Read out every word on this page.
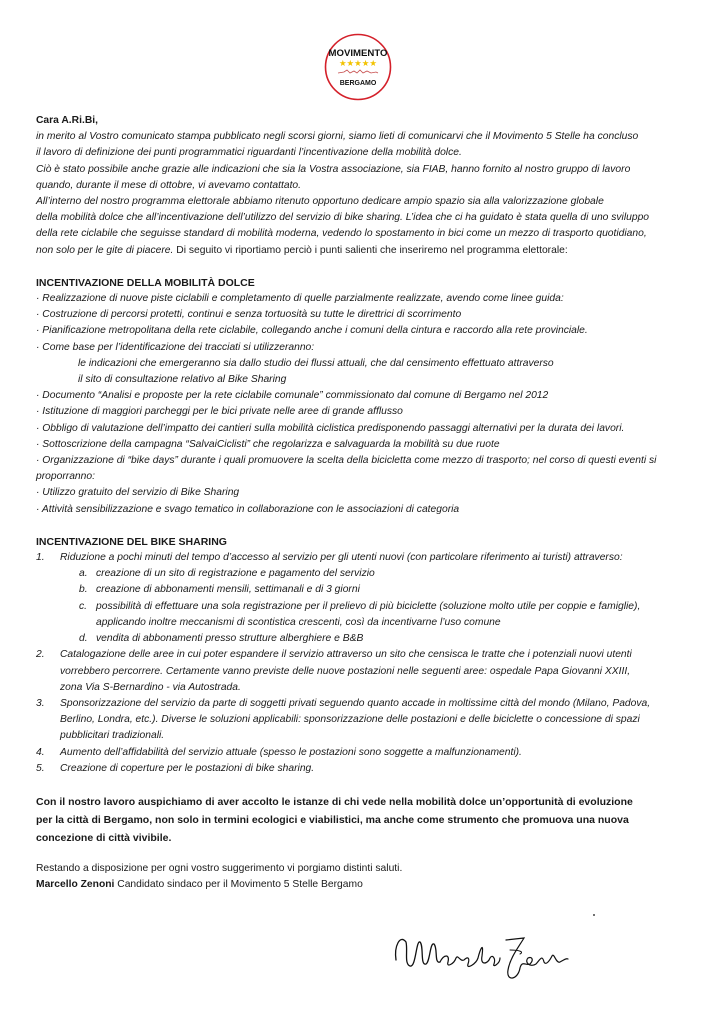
MOVIMENTO
★★★★★
BERGAMO

Cara A.Ri.Bi,

in merito al Vostro comunicato stampa pubblicato negli scorsi giorni, siamo lieti di comunicarvi che il Movimento 5 Stelle ha concluso

il lavoro di definizione dei punti programmatici riguardanti l’incentivazione della mobilità dolce.

Ciò è stato possibile anche grazie alle indicazioni che sia la Vostra associazione, sia FIAB, hanno fornito al nostro gruppo di lavoro

quando, durante il mese di ottobre, vi avevamo contattato.

All’interno del nostro programma elettorale abbiamo ritenuto opportuno dedicare ampio spazio sia alla valorizzazione globale

della mobilità dolce che all’incentivazione dell’utilizzo del servizio di bike sharing. L’idea che ci ha guidato è stata quella di uno sviluppo

della rete ciclabile che seguisse standard di mobilità moderna, vedendo lo spostamento in bici come un mezzo di trasporto quotidiano,

non solo per le gite di piacere. Di seguito vi riportiamo perciò i punti salienti che inseriremo nel programma elettorale:

INCENTIVAZIONE DELLA MOBILITÀ DOLCE

· Realizzazione di nuove piste ciclabili e completamento di quelle parzialmente realizzate, avendo come linee guida:

· Costruzione di percorsi protetti, continui e senza tortuosità su tutte le direttrici di scorrimento

· Pianificazione metropolitana della rete ciclabile, collegando anche i comuni della cintura e raccordo alla rete provinciale.

· Come base per l’identificazione dei tracciati si utilizzeranno:

le indicazioni che emergeranno sia dallo studio dei flussi attuali, che dal censimento effettuato attraverso

il sito di consultazione relativo al Bike Sharing

· Documento “Analisi e proposte per la rete ciclabile comunale” commissionato dal comune di Bergamo nel 2012

· Istituzione di maggiori parcheggi per le bici private nelle aree di grande afflusso

· Obbligo di valutazione dell’impatto dei cantieri sulla mobilità ciclistica predisponendo passaggi alternativi per la durata dei lavori.

· Sottoscrizione della campagna “SalvaiCiclisti” che regolarizza e salvaguarda la mobilità su due ruote

· Organizzazione di “bike days” durante i quali promuovere la scelta della bicicletta come mezzo di trasporto; nel corso di questi eventi si

proporranno:

· Utilizzo gratuito del servizio di Bike Sharing

· Attività sensibilizzazione e svago tematico in collaborazione con le associazioni di categoria

INCENTIVAZIONE DEL BIKE SHARING

1. Riduzione a pochi minuti del tempo d’accesso al servizio per gli utenti nuovi (con particolare riferimento ai turisti) attraverso:

a. creazione di un sito di registrazione e pagamento del servizio

b. creazione di abbonamenti mensili, settimanali e di 3 giorni

c. possibilità di effettuare una sola registrazione per il prelievo di più biciclette (soluzione molto utile per coppie e famiglie),

applicando inoltre meccanismi di scontistica crescenti, così da incentivarne l’uso comune

d. vendita di abbonamenti presso strutture alberghiere e B&B

2. Catalogazione delle aree in cui poter espandere il servizio attraverso un sito che censisca le tratte che i potenziali nuovi utenti

vorrebbero percorrere. Certamente vanno previste delle nuove postazioni nelle seguenti aree: ospedale Papa Giovanni XXIII,

zona Via S-Bernardino - via Autostrada.

3. Sponsorizzazione del servizio da parte di soggetti privati seguendo quanto accade in moltissime città del mondo (Milano, Padova,

Berlino, Londra, etc.). Diverse le soluzioni applicabili: sponsorizzazione delle postazioni e delle biciclette o concessione di spazi

pubblicitari tradizionali.

4. Aumento dell’affidabilità del servizio attuale (spesso le postazioni sono soggette a malfunzionamenti).

5. Creazione di coperture per le postazioni di bike sharing.

Con il nostro lavoro auspichiamo di aver accolto le istanze di chi vede nella mobilità dolce un’opportunità di evoluzione

per la città di Bergamo, non solo in termini ecologici e viabilistici, ma anche come strumento che promuova una nuova

concezione di città vivibile.

Restando a disposizione per ogni vostro suggerimento vi porgiamo distinti saluti.

Marcello Zenoni Candidato sindaco per il Movimento 5 Stelle Bergamo
